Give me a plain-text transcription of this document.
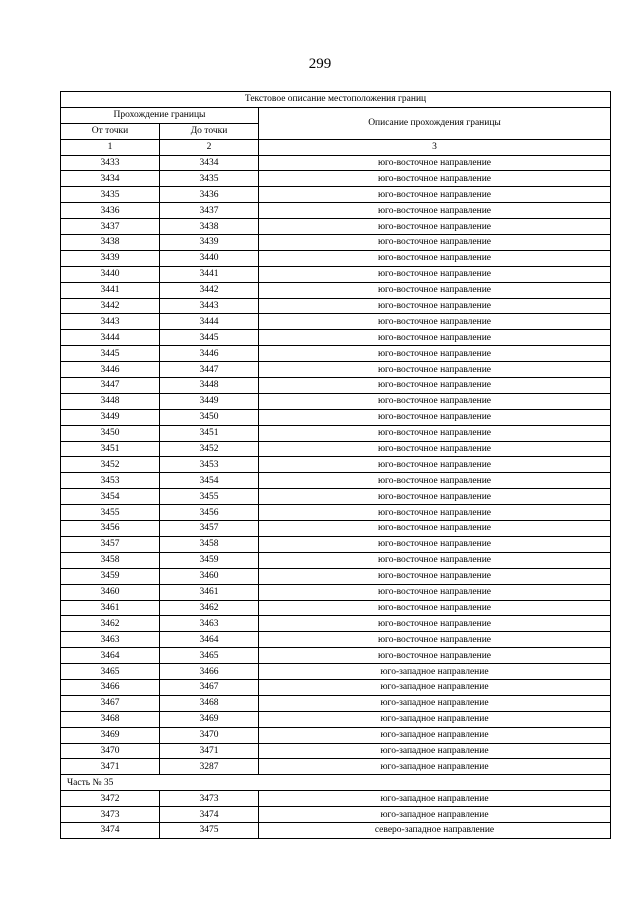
299
Текстовое описание местоположения границ		
Прохождение границы		Описание прохождения границы
От точки	До точки	
1	2	3
3433	3434	юго-восточное направление
3434	3435	юго-восточное направление
3435	3436	юго-восточное направление
3436	3437	юго-восточное направление
3437	3438	юго-восточное направление
3438	3439	юго-восточное направление
3439	3440	юго-восточное направление
3440	3441	юго-восточное направление
3441	3442	юго-восточное направление
3442	3443	юго-восточное направление
3443	3444	юго-восточное направление
3444	3445	юго-восточное направление
3445	3446	юго-восточное направление
3446	3447	юго-восточное направление
3447	3448	юго-восточное направление
3448	3449	юго-восточное направление
3449	3450	юго-восточное направление
3450	3451	юго-восточное направление
3451	3452	юго-восточное направление
3452	3453	юго-восточное направление
3453	3454	юго-восточное направление
3454	3455	юго-восточное направление
3455	3456	юго-восточное направление
3456	3457	юго-восточное направление
3457	3458	юго-восточное направление
3458	3459	юго-восточное направление
3459	3460	юго-восточное направление
3460	3461	юго-восточное направление
3461	3462	юго-восточное направление
3462	3463	юго-восточное направление
3463	3464	юго-восточное направление
3464	3465	юго-восточное направление
3465	3466	юго-западное направление
3466	3467	юго-западное направление
3467	3468	юго-западное направление
3468	3469	юго-западное направление
3469	3470	юго-западное направление
3470	3471	юго-западное направление
3471	3287	юго-западное направление
Часть № 35		
3472	3473	юго-западное направление
3473	3474	юго-западное направление
3474	3475	северо-западное направление
